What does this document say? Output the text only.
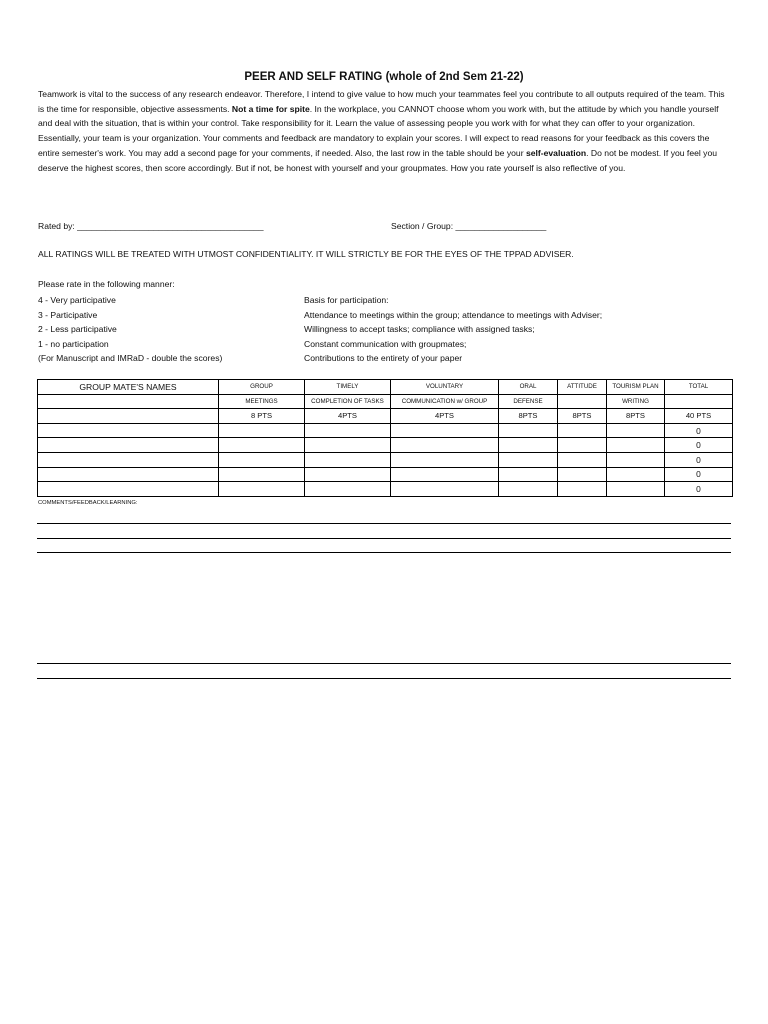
PEER AND SELF RATING (whole of 2nd Sem 21-22)
Teamwork is vital to the success of any research endeavor. Therefore, I intend to give value to how much your teammates feel you contribute to all outputs required of the team. This is the time for responsible, objective assessments. Not a time for spite. In the workplace, you CANNOT choose whom you work with, but the attitude by which you handle yourself and deal with the situation, that is within your control. Take responsibility for it. Learn the value of assessing people you work with for what they can offer to your organization. Essentially, your team is your organization. Your comments and feedback are mandatory to explain your scores. I will expect to read reasons for your feedback as this covers the entire semester's work. You may add a second page for your comments, if needed. Also, the last row in the table should be your self-evaluation. Do not be modest. If you feel you deserve the highest scores, then score accordingly. But if not, be honest with yourself and your groupmates. How you rate yourself is also reflective of you.
Rated by: _______________________________________	Section / Group: ___________________
ALL RATINGS WILL BE TREATED WITH UTMOST CONFIDENTIALITY. IT WILL STRICTLY BE FOR THE EYES OF THE TPPAD ADVISER.
Please rate in the following manner:
4 - Very participative
3 - Participative
2 - Less participative
1 - no participation
(For Manuscript and IMRaD - double the scores)
Basis for participation:
Attendance to meetings within the group; attendance to meetings with Adviser;
Willingness to accept tasks; compliance with assigned tasks;
Constant communication with groupmates;
Contributions to the entirety of your paper
GROUP MATE'S NAMES	GROUP	TIMELY	VOLUNTARY	ORAL	ATTITUDE	TOURISM PLAN	TOTAL
	MEETINGS	COMPLETION OF TASKS	COMMUNICATION w/ GROUP	DEFENSE		WRITING	
	8 PTS	4PTS	4PTS	8PTS	8PTS	8PTS	40 PTS
							0
							0
							0
							0
							0
COMMENTS/FEEDBACK/LEARNING:
